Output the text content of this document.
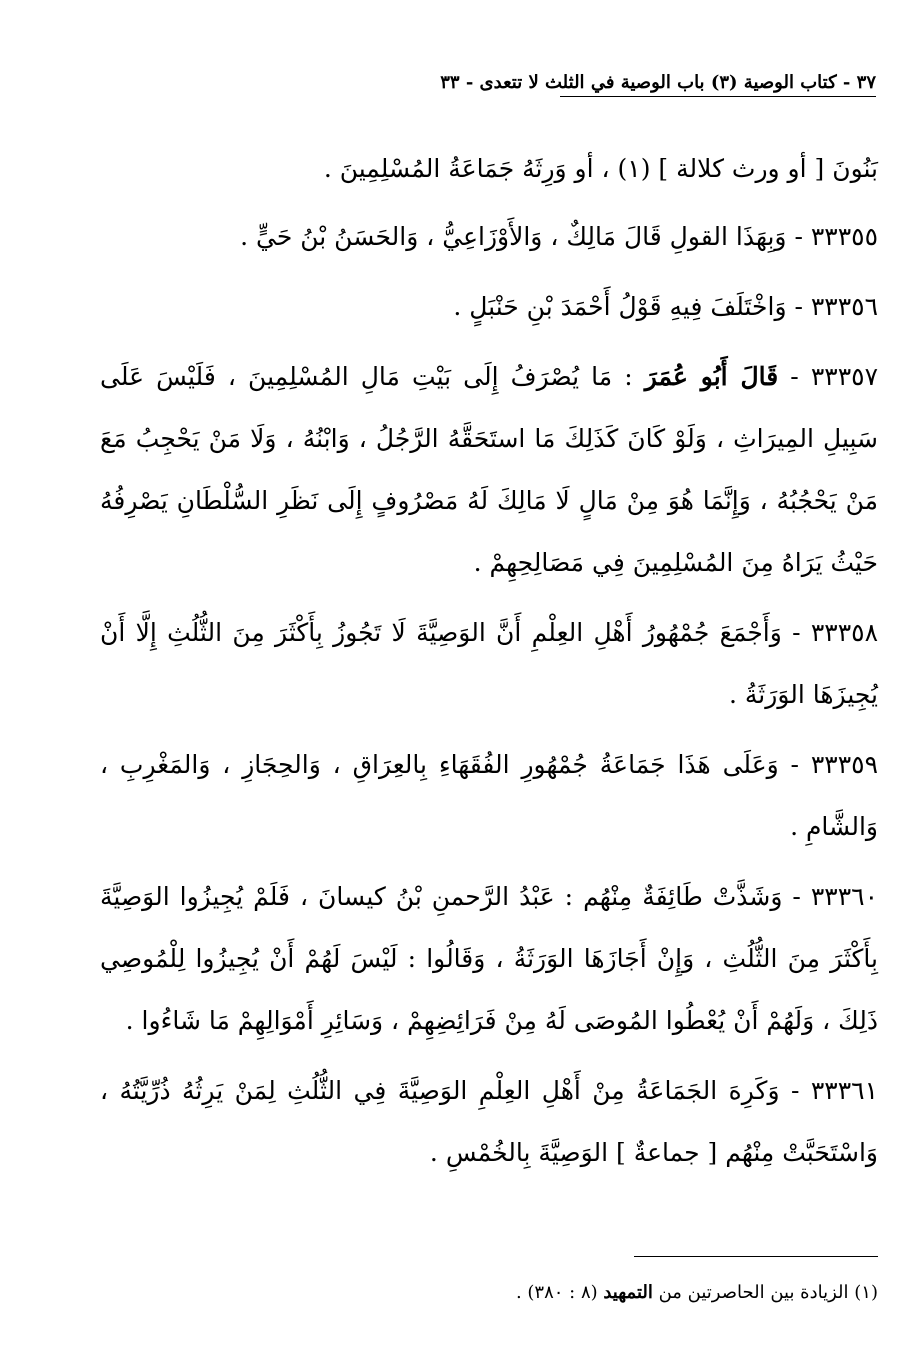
٣٧ - كتاب الوصية (٣) باب الوصية في الثلث لا تتعدى - ٣٣

بَنُونَ [ أو ورث كلالة ] (١) ، أو وَرِثَهُ جَمَاعَةُ المُسْلِمِينَ .

٣٣٣٥٥ - وَبِهَذَا القولِ قَالَ مَالِكٌ ، وَالأَوْزَاعِيُّ ، وَالحَسَنُ بْنُ حَيٍّ .

٣٣٣٥٦ - وَاخْتَلَفَ فِيهِ قَوْلُ أَحْمَدَ بْنِ حَنْبَلٍ .

٣٣٣٥٧ - قَالَ أَبُو عُمَرَ : مَا يُصْرَفُ إِلَى بَيْتِ مَالِ المُسْلِمِينَ ، فَلَيْسَ عَلَى سَبِيلِ المِيرَاثِ ، وَلَوْ كَانَ كَذَلِكَ مَا استَحَقَّهُ الرَّجُلُ ، وَابْنُهُ ، وَلَا مَنْ يَحْجِبُ مَعَ مَنْ يَحْجُبُهُ ، وَإِنَّمَا هُوَ مِنْ مَالٍ لَا مَالِكَ لَهُ مَصْرُوفٍ إِلَى نَظَرِ السُّلْطَانِ يَصْرِفُهُ حَيْثُ يَرَاهُ مِنَ المُسْلِمِينَ فِي مَصَالِحِهِمْ .

٣٣٣٥٨ - وَأَجْمَعَ جُمْهُورُ أَهْلِ العِلْمِ أَنَّ الوَصِيَّةَ لَا تَجُوزُ بِأَكْثَرَ مِنَ الثُّلُثِ إِلَّا أَنْ يُجِيزَهَا الوَرَثَةُ .

٣٣٣٥٩ - وَعَلَى هَذَا جَمَاعَةُ جُمْهُورِ الفُقَهَاءِ بِالعِرَاقِ ، وَالحِجَازِ ، وَالمَغْرِبِ ، وَالشَّامِ .

٣٣٣٦٠ - وَشَذَّتْ طَائِفَةٌ مِنْهُم : عَبْدُ الرَّحمنِ بْنُ كيسانَ ، فَلَمْ يُجِيزُوا الوَصِيَّةَ بِأَكْثَرَ مِنَ الثُّلُثِ ، وَإِنْ أَجَازَهَا الوَرَثَةُ ، وَقَالُوا : لَيْسَ لَهُمْ أَنْ يُجِيزُوا لِلْمُوصِي ذَلِكَ ، وَلَهُمْ أَنْ يُعْطُوا المُوصَى لَهُ مِنْ فَرَائِضِهِمْ ، وَسَائِرِ أَمْوَالِهِمْ مَا شَاءُوا .

٣٣٣٦١ - وَكَرِهَ الجَمَاعَةُ مِنْ أَهْلِ العِلْمِ الوَصِيَّةَ فِي الثُّلُثِ لِمَنْ يَرِثُهُ ذُرِّيَّتُهُ ، وَاسْتَحَبَّتْ مِنْهُم [ جماعةٌ ] الوَصِيَّةَ بِالخُمْسِ .

(١) الزيادة بين الحاصرتين من التمهيد (٨ : ٣٨٠) .
